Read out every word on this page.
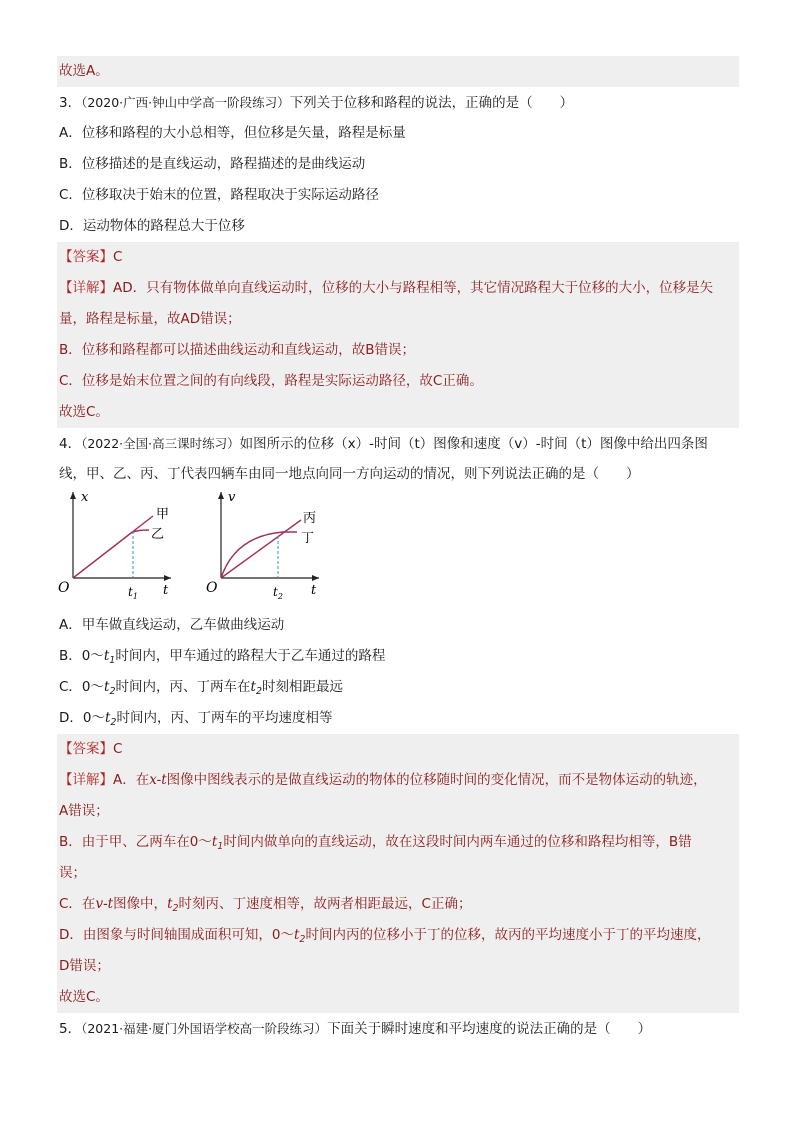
故选A。
3．（2020·广西·钟山中学高一阶段练习）下列关于位移和路程的说法，正确的是（　　）
A．位移和路程的大小总相等，但位移是矢量，路程是标量
B．位移描述的是直线运动，路程描述的是曲线运动
C．位移取决于始末的位置，路程取决于实际运动路径
D．运动物体的路程总大于位移
【答案】C
【详解】AD．只有物体做单向直线运动时，位移的大小与路程相等，其它情况路程大于位移的大小，位移是矢
量，路程是标量，故AD错误；
B．位移和路程都可以描述曲线运动和直线运动，故B错误；
C．位移是始末位置之间的有向线段，路程是实际运动路径，故C正确。
故选C。
4．（2022·全国·高三课时练习）如图所示的位移（x）-时间（t）图像和速度（v）-时间（t）图像中给出四条图
线，甲、乙、丙、丁代表四辆车由同一地点向同一方向运动的情况，则下列说法正确的是（　　）
O
x
t
$t_1$
甲
乙
O
v
t
$t_2$
丙
丁
A．甲车做直线运动，乙车做曲线运动
B．$0\sim t_1$时间内，甲车通过的路程大于乙车通过的路程
C．$0\sim t_2$时间内，丙、丁两车在$t_2$时刻相距最远
D．$0\sim t_2$时间内，丙、丁两车的平均速度相等
【答案】C
【详解】A．在x-t图像中图线表示的是做直线运动的物体的位移随时间的变化情况，而不是物体运动的轨迹，
A错误；
B．由于甲、乙两车在$0\sim t_1$时间内做单向的直线运动，故在这段时间内两车通过的位移和路程均相等，B错
误；
C．在v-t图像中，$t_2$时刻丙、丁速度相等，故两者相距最远，C正确；
D．由图象与时间轴围成面积可知，$0\sim t_2$时间内丙的位移小于丁的位移，故丙的平均速度小于丁的平均速度，
D错误；
故选C。
5．（2021·福建·厦门外国语学校高一阶段练习）下面关于瞬时速度和平均速度的说法正确的是（　　）
